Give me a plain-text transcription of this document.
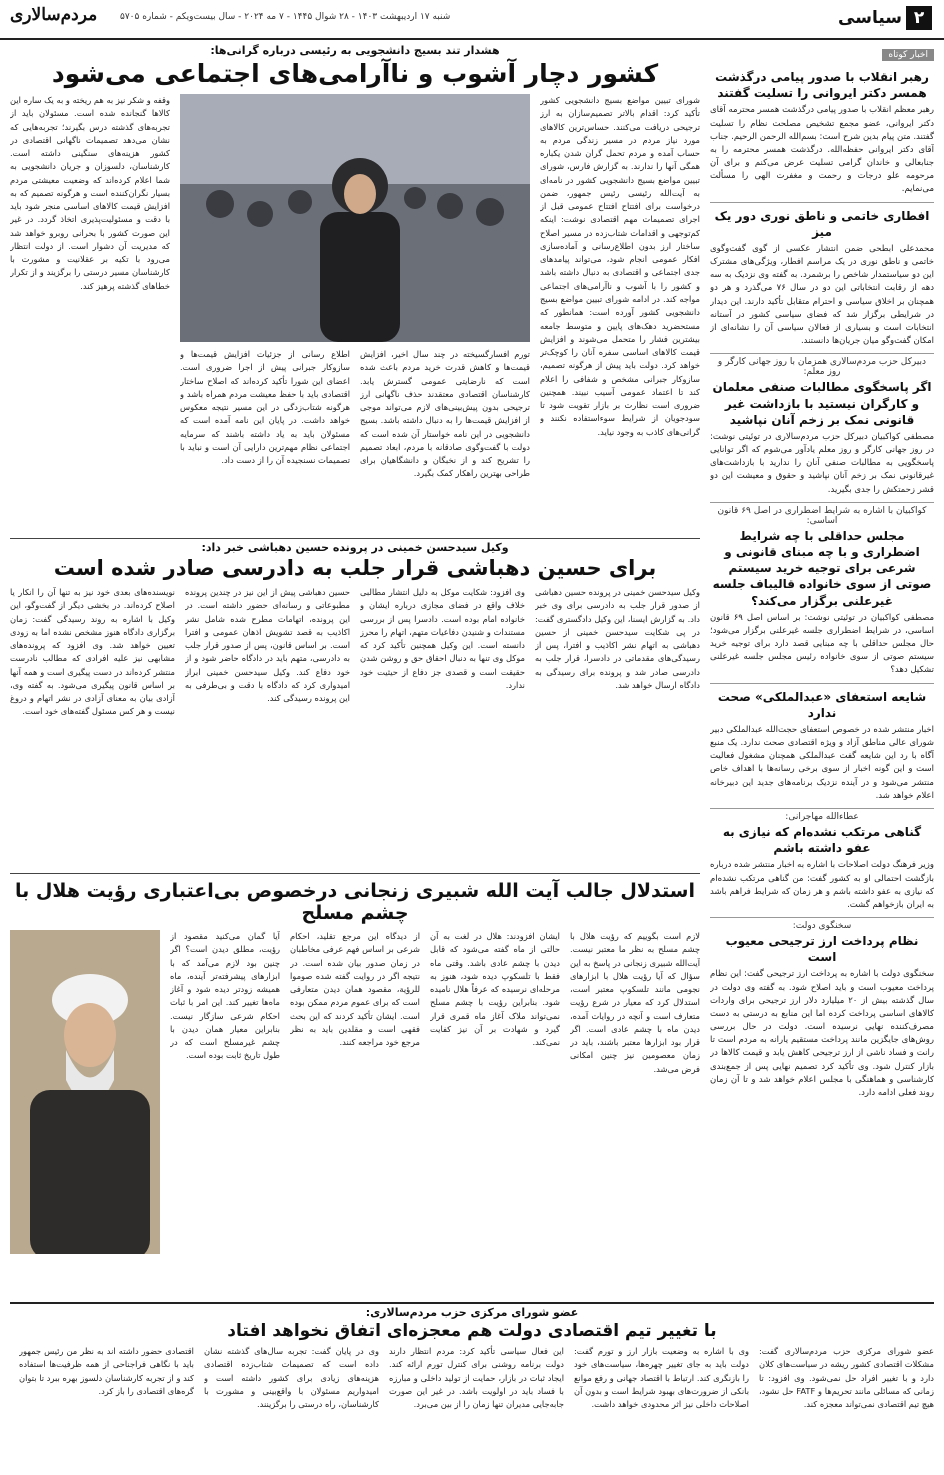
۲
سیاسی
شنبه ۱۷ اردیبهشت ۱۴۰۳ - ۲۸ شوال ۱۴۴۵ - ۷ مه ۲۰۲۴ - سال بیست‌ویکم - شماره ۵۷۰۵
مردم‌سالاری
اخبار کوتاه
رهبر انقلاب با صدور پیامی درگذشت همسر دکتر ایروانی را تسلیت گفتند
رهبر معظم انقلاب با صدور پیامی درگذشت همسر محترمه آقای دکتر ایروانی، عضو مجمع تشخیص مصلحت نظام را تسلیت گفتند. متن پیام بدین شرح است: بسم‌الله الرحمن الرحیم. جناب آقای دکتر ایروانی حفظه‌الله. درگذشت همسر محترمه را به جنابعالی و خاندان گرامی تسلیت عرض می‌کنم و برای آن مرحومه علو درجات و رحمت و مغفرت الهی را مسألت می‌نمایم.
افطاری خاتمی و ناطق نوری دور یک میز
محمدعلی ابطحی ضمن انتشار عکسی از گوی گفت‌وگوی خاتمی و ناطق نوری در یک مراسم افطار، ویژگی‌های مشترک این دو سیاستمدار شاخص را برشمرد. به گفته وی نزدیک به سه دهه از رقابت انتخاباتی این دو در سال ۷۶ می‌گذرد و هر دو همچنان بر اخلاق سیاسی و احترام متقابل تأکید دارند. این دیدار در شرایطی برگزار شد که فضای سیاسی کشور در آستانه انتخابات است و بسیاری از فعالان سیاسی آن را نشانه‌ای از امکان گفت‌وگو میان جریان‌ها دانستند.
دبیرکل حزب مردم‌سالاری همزمان با روز جهانی کارگر و روز معلم:
اگر پاسخگوی مطالبات صنفی معلمان و کارگران نیستید با بازداشت غیر قانونی نمک بر زخم آنان نپاشید
مصطفی کواکبیان دبیرکل حزب مردم‌سالاری در توئیتی نوشت: در روز جهانی کارگر و روز معلم یادآور می‌شوم که اگر توانایی پاسخگویی به مطالبات صنفی آنان را ندارید با بازداشت‌های غیرقانونی نمک بر زخم آنان نپاشید و حقوق و معیشت این دو قشر زحمتکش را جدی بگیرید.
کواکبیان با اشاره به شرایط اضطراری در اصل ۶۹ قانون اساسی:
مجلس حداقلی با چه شرایط اضطراری و با چه مبنای قانونی و شرعی برای توجیه خرید سیستم صوتی از سوی خانواده قالیباف جلسه غیرعلنی برگزار می‌کند؟
مصطفی کواکبیان در توئیتی نوشت: بر اساس اصل ۶۹ قانون اساسی، در شرایط اضطراری جلسه غیرعلنی برگزار می‌شود؛ حال مجلس حداقلی با چه مبنایی قصد دارد برای توجیه خرید سیستم صوتی از سوی خانواده رئیس مجلس جلسه غیرعلنی تشکیل دهد؟
شایعه استعفای «عبدالملکی» صحت ندارد
اخبار منتشر شده در خصوص استعفای حجت‌الله عبدالملکی دبیر شورای عالی مناطق آزاد و ویژه اقتصادی صحت ندارد. یک منبع آگاه با رد این شایعه گفت عبدالملکی همچنان مشغول فعالیت است و این گونه اخبار از سوی برخی رسانه‌ها با اهداف خاص منتشر می‌شود و در آینده نزدیک برنامه‌های جدید این دبیرخانه اعلام خواهد شد.
عطاءالله مهاجرانی:
گناهی مرتکب نشده‌ام که نیازی به عفو داشته باشم
وزیر فرهنگ دولت اصلاحات با اشاره به اخبار منتشر شده درباره بازگشت احتمالی او به کشور گفت: من گناهی مرتکب نشده‌ام که نیازی به عفو داشته باشم و هر زمان که شرایط فراهم باشد به ایران بازخواهم گشت.
سخنگوی دولت:
نظام پرداخت ارز ترجیحی معیوب است
سخنگوی دولت با اشاره به پرداخت ارز ترجیحی گفت: این نظام پرداخت معیوب است و باید اصلاح شود. به گفته وی دولت در سال گذشته بیش از ۲۰ میلیارد دلار ارز ترجیحی برای واردات کالاهای اساسی پرداخت کرده اما این منابع به درستی به دست مصرف‌کننده نهایی نرسیده است. دولت در حال بررسی روش‌های جایگزین مانند پرداخت مستقیم یارانه به مردم است تا رانت و فساد ناشی از ارز ترجیحی کاهش یابد و قیمت کالاها در بازار کنترل شود. وی تأکید کرد تصمیم نهایی پس از جمع‌بندی کارشناسی و هماهنگی با مجلس اعلام خواهد شد و تا آن زمان روند فعلی ادامه دارد.
هشدار تند بسیج دانشجویی به رئیسی درباره گرانی‌ها:
کشور دچار آشوب و ناآرامی‌های اجتماعی می‌شود
شورای تبیین مواضع بسیج دانشجویی کشور تأکید کرد: اقدام بالاتر تصمیم‌سازان به ارز ترجیحی دریافت می‌کنند. حساس‌ترین کالاهای مورد نیاز مردم در مسیر زندگی مردم به حساب آمده و مردم تحمل گران شدن یکباره همگی آنها را ندارند. به گزارش فارس، شورای تبیین مواضع بسیج دانشجویی کشور در نامه‌ای به آیت‌الله رئیسی رئیس جمهور، ضمن درخواست برای افتتاح افتتاح عمومی قبل از اجرای تصمیمات مهم اقتصادی نوشت: اینکه کم‌توجهی و اقدامات شتاب‌زده در مسیر اصلاح ساختار ارز بدون اطلاع‌رسانی و آماده‌سازی افکار عمومی انجام شود، می‌تواند پیامدهای جدی اجتماعی و اقتصادی به دنبال داشته باشد و کشور را با آشوب و ناآرامی‌های اجتماعی مواجه کند. در ادامه شورای تبیین مواضع بسیج دانشجویی کشور آورده است: همانطور که مستحضرید دهک‌های پایین و متوسط جامعه بیشترین فشار را متحمل می‌شوند و افزایش قیمت کالاهای اساسی سفره آنان را کوچک‌تر خواهد کرد. دولت باید پیش از هرگونه تصمیم، سازوکار جبرانی مشخص و شفافی را اعلام کند تا اعتماد عمومی آسیب نبیند. همچنین ضروری است نظارت بر بازار تقویت شود تا سودجویان از شرایط سوءاستفاده نکنند و گرانی‌های کاذب به وجود نیاید.
تورم افسارگسیخته در چند سال اخیر، افزایش قیمت‌ها و کاهش قدرت خرید مردم باعث شده است که نارضایتی عمومی گسترش یابد. کارشناسان اقتصادی معتقدند حذف ناگهانی ارز ترجیحی بدون پیش‌بینی‌های لازم می‌تواند موجی از افزایش قیمت‌ها را به دنبال داشته باشد. بسیج دانشجویی در این نامه خواستار آن شده است که دولت با گفت‌وگوی صادقانه با مردم، ابعاد تصمیم را تشریح کند و از نخبگان و دانشگاهیان برای طراحی بهترین راهکار کمک بگیرد.
اطلاع رسانی از جزئیات افزایش قیمت‌ها و سازوکار جبرانی پیش از اجرا ضروری است. اعضای این شورا تأکید کرده‌اند که اصلاح ساختار اقتصادی باید با حفظ معیشت مردم همراه باشد و هرگونه شتاب‌زدگی در این مسیر نتیجه معکوس خواهد داشت. در پایان این نامه آمده است که مسئولان باید به یاد داشته باشند که سرمایه اجتماعی نظام مهم‌ترین دارایی آن است و نباید با تصمیمات نسنجیده آن را از دست داد.
وقفه و شکر نیز به هم ریخته و به یک ساره این کالاها گنجانده شده است. مسئولان باید از تجربه‌های گذشته درس بگیرند؛ تجربه‌هایی که نشان می‌دهد تصمیمات ناگهانی اقتصادی در کشور هزینه‌های سنگینی داشته است. کارشناسان، دلسوزان و جریان دانشجویی به شما اعلام کرده‌اند که وضعیت معیشتی مردم بسیار نگران‌کننده است و هرگونه تصمیم که به افزایش قیمت کالاهای اساسی منجر شود باید با دقت و مسئولیت‌پذیری اتخاذ گردد. در غیر این صورت کشور با بحرانی روبرو خواهد شد که مدیریت آن دشوار است. از دولت انتظار می‌رود با تکیه بر عقلانیت و مشورت با کارشناسان مسیر درستی را برگزیند و از تکرار خطاهای گذشته پرهیز کند.
وکیل سیدحسن خمینی در پرونده حسین دهباشی خبر داد:
برای حسین دهباشی قرار جلب به دادرسی صادر شده است
وکیل سیدحسن خمینی در پرونده حسین دهباشی از صدور قرار جلب به دادرسی برای وی خبر داد. به گزارش ایسنا، این وکیل دادگستری گفت: در پی شکایت سیدحسن خمینی از حسین دهباشی به اتهام نشر اکاذیب و افترا، پس از رسیدگی‌های مقدماتی در دادسرا، قرار جلب به دادرسی صادر شد و پرونده برای رسیدگی به دادگاه ارسال خواهد شد.
وی افزود: شکایت موکل به دلیل انتشار مطالبی خلاف واقع در فضای مجازی درباره ایشان و خانواده امام بوده است. دادسرا پس از بررسی مستندات و شنیدن دفاعیات متهم، اتهام را محرز دانسته است. این وکیل همچنین تأکید کرد که موکل وی تنها به دنبال احقاق حق و روشن شدن حقیقت است و قصدی جز دفاع از حیثیت خود ندارد.
حسین دهباشی پیش از این نیز در چندین پرونده مطبوعاتی و رسانه‌ای حضور داشته است. در این پرونده، اتهامات مطرح شده شامل نشر اکاذیب به قصد تشویش اذهان عمومی و افترا است. بر اساس قانون، پس از صدور قرار جلب به دادرسی، متهم باید در دادگاه حاضر شود و از خود دفاع کند. وکیل سیدحسن خمینی ابراز امیدواری کرد که دادگاه با دقت و بی‌طرفی به این پرونده رسیدگی کند.
نویسنده‌های بعدی خود نیز به تنها آن را انکار یا اصلاح کرده‌اند. در بخشی دیگر از گفت‌وگو، این وکیل با اشاره به روند رسیدگی گفت: زمان برگزاری دادگاه هنوز مشخص نشده اما به زودی تعیین خواهد شد. وی افزود که پرونده‌های مشابهی نیز علیه افرادی که مطالب نادرست منتشر کرده‌اند در دست پیگیری است و همه آنها بر اساس قانون پیگیری می‌شود. به گفته وی، آزادی بیان به معنای آزادی در نشر اتهام و دروغ نیست و هر کس مسئول گفته‌های خود است.
استدلال جالب آیت الله شبیری زنجانی درخصوص بی‌اعتباری رؤیت هلال با چشم مسلح
لازم است بگوییم که رؤیت هلال با چشم مسلح به نظر ما معتبر نیست. آیت‌الله شبیری زنجانی در پاسخ به این سؤال که آیا رؤیت هلال با ابزارهای نجومی مانند تلسکوپ معتبر است، استدلال کرد که معیار در شرع رؤیت متعارف است و آنچه در روایات آمده، دیدن ماه با چشم عادی است. اگر قرار بود ابزارها معتبر باشند، باید در زمان معصومین نیز چنین امکانی فرض می‌شد.
ایشان افزودند: هلال در لغت به آن حالتی از ماه گفته می‌شود که قابل دیدن با چشم عادی باشد. وقتی ماه فقط با تلسکوپ دیده شود، هنوز به مرحله‌ای نرسیده که عرفاً هلال نامیده شود. بنابراین رؤیت با چشم مسلح نمی‌تواند ملاک آغاز ماه قمری قرار گیرد و شهادت بر آن نیز کفایت نمی‌کند.
از دیدگاه این مرجع تقلید، احکام شرعی بر اساس فهم عرفی مخاطبان در زمان صدور بیان شده است. در نتیجه اگر در روایت گفته شده صوموا للرؤیة، مقصود همان دیدن متعارفی است که برای عموم مردم ممکن بوده است. ایشان تأکید کردند که این بحث فقهی است و مقلدین باید به نظر مرجع خود مراجعه کنند.
آیا گمان می‌کنید مقصود از رؤیت، مطلق دیدن است؟ اگر چنین بود لازم می‌آمد که با ابزارهای پیشرفته‌تر آینده، ماه همیشه زودتر دیده شود و آغاز ماه‌ها تغییر کند. این امر با ثبات احکام شرعی سازگار نیست. بنابراین معیار همان دیدن با چشم غیرمسلح است که در طول تاریخ ثابت بوده است.
عضو شورای مرکزی حزب مردم‌سالاری:
با تغییر تیم اقتصادی دولت هم معجزه‌ای اتفاق نخواهد افتاد
عضو شورای مرکزی حزب مردم‌سالاری گفت: مشکلات اقتصادی کشور ریشه در سیاست‌های کلان دارد و با تغییر افراد حل نمی‌شود. وی افزود: تا زمانی که مسائلی مانند تحریم‌ها و FATF حل نشود، هیچ تیم اقتصادی نمی‌تواند معجزه کند.
وی با اشاره به وضعیت بازار ارز و تورم گفت: دولت باید به جای تغییر چهره‌ها، سیاست‌های خود را بازنگری کند. ارتباط با اقتصاد جهانی و رفع موانع بانکی از ضرورت‌های بهبود شرایط است و بدون آن اصلاحات داخلی نیز اثر محدودی خواهد داشت.
این فعال سیاسی تأکید کرد: مردم انتظار دارند دولت برنامه روشنی برای کنترل تورم ارائه کند. ایجاد ثبات در بازار، حمایت از تولید داخلی و مبارزه با فساد باید در اولویت باشد. در غیر این صورت جابه‌جایی مدیران تنها زمان را از بین می‌برد.
وی در پایان گفت: تجربه سال‌های گذشته نشان داده است که تصمیمات شتاب‌زده اقتصادی هزینه‌های زیادی برای کشور داشته است و امیدواریم مسئولان با واقع‌بینی و مشورت با کارشناسان، راه درستی را برگزینند.
اقتصادی حضور داشته اند به نظر من رئیس جمهور باید با نگاهی فراجناحی از همه ظرفیت‌ها استفاده کند و از تجربه کارشناسان دلسوز بهره ببرد تا بتوان گره‌های اقتصادی را باز کرد.
